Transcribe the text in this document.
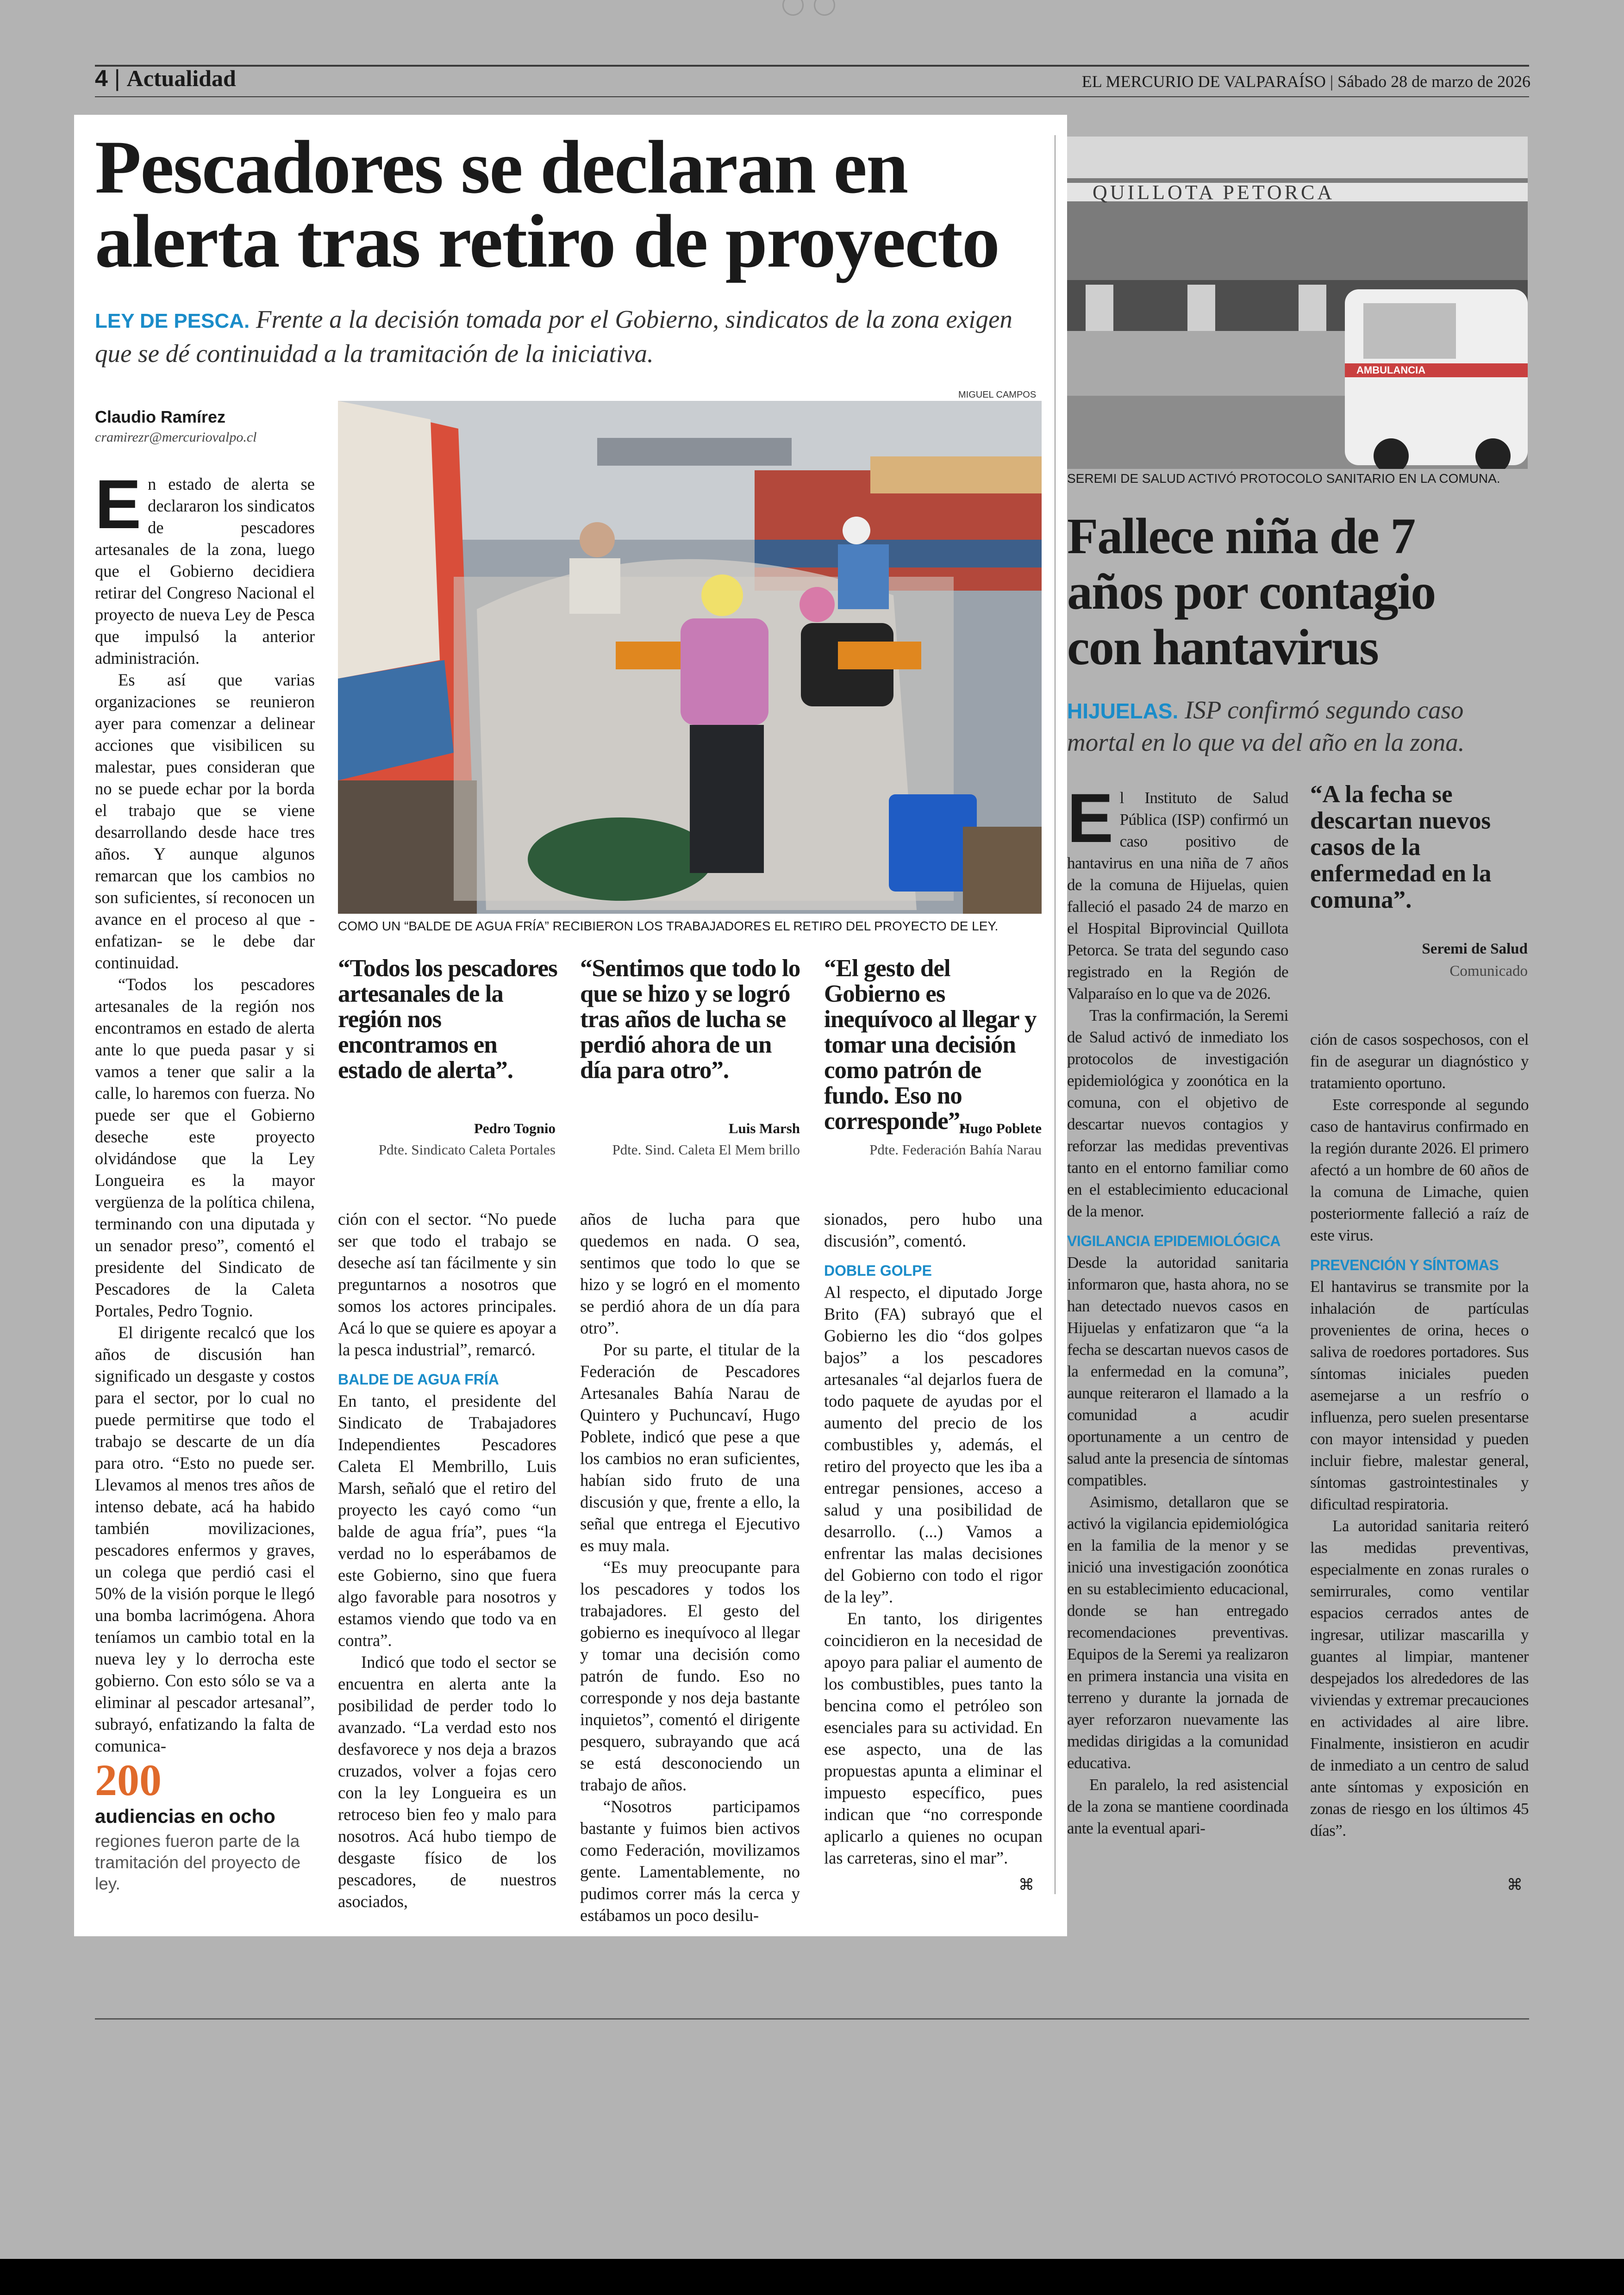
4 | Actualidad	EL MERCURIO DE VALPARAÍSO | Sábado 28 de marzo de 2026
Pescadores se declaran en
alerta tras retiro de proyecto
LEY DE PESCA. Frente a la decisión tomada por el Gobierno, sindicatos de la zona exigen que se dé continuidad a la tramitación de la iniciativa.
Claudio Ramírez
cramirezr@mercuriovalpo.cl

En estado de alerta se declararon los sindicatos de pescadores artesanales de la zona, luego que el Gobierno decidiera retirar del Congreso Nacional el proyecto de nueva Ley de Pesca que impulsó la anterior administración.

Es así que varias organizaciones se reunieron ayer para comenzar a delinear acciones que visibilicen su malestar, pues consideran que no se puede echar por la borda el trabajo que se viene desarrollando desde hace tres años. Y aunque algunos remarcan que los cambios no son suficientes, sí reconocen un avance en el proceso al que -enfatizan- se le debe dar continuidad.

“Todos los pescadores artesanales de la región nos encontramos en estado de alerta ante lo que pueda pasar y si vamos a tener que salir a la calle, lo haremos con fuerza. No puede ser que el Gobierno deseche este proyecto olvidándose que la Ley Longueira es la mayor vergüenza de la política chilena, terminando con una diputada y un senador preso”, comentó el presidente del Sindicato de Pescadores de la Caleta Portales, Pedro Tognio.

El dirigente recalcó que los años de discusión han significado un desgaste y costos para el sector, por lo cual no puede permitirse que todo el trabajo se descarte de un día para otro. “Esto no puede ser. Llevamos al menos tres años de intenso debate, acá ha habido también movilizaciones, pescadores enfermos y graves, un colega que perdió casi el 50% de la visión porque le llegó una bomba lacrimógena. Ahora teníamos un cambio total en la nueva ley y lo derrocha este gobierno. Con esto sólo se va a eliminar al pescador artesanal”, subrayó, enfatizando la falta de comunica-

200
audiencias en ocho
regiones fueron parte de la tramitación del proyecto de ley.
MIGUEL CAMPOS
COMO UN “BALDE DE AGUA FRÍA” RECIBIERON LOS TRABAJADORES EL RETIRO DEL PROYECTO DE LEY.
“Todos los pescadores artesanales de la región nos encontramos en estado de alerta”.
Pedro Tognio
Pdte. Sindicato Caleta Portales
“Sentimos que todo lo que se hizo y se logró tras años de lucha se perdió ahora de un día para otro”.
Luis Marsh
Pdte. Sind. Caleta El Mem brillo
“El gesto del Gobierno es inequívoco al llegar y tomar una decisión como patrón de fundo. Eso no corresponde”.
Hugo Poblete
Pdte. Federación Bahía Narau

ción con el sector. “No puede ser que todo el trabajo se deseche así tan fácilmente y sin preguntarnos a nosotros que somos los actores principales. Acá lo que se quiere es apoyar a la pesca industrial”, remarcó.

BALDE DE AGUA FRÍA

En tanto, el presidente del Sindicato de Trabajadores Independientes Pescadores Caleta El Membrillo, Luis Marsh, señaló que el retiro del proyecto les cayó como “un balde de agua fría”, pues “la verdad no lo esperábamos de este Gobierno, sino que fuera algo favorable para nosotros y estamos viendo que todo va en contra”.

Indicó que todo el sector se encuentra en alerta ante la posibilidad de perder todo lo avanzado. “La verdad esto nos desfavorece y nos deja a brazos cruzados, volver a fojas cero con la ley Longueira es un retroceso bien feo y malo para nosotros. Acá hubo tiempo de desgaste físico de los pescadores, de nuestros asociados,

años de lucha para que quedemos en nada. O sea, sentimos que todo lo que se hizo y se logró en el momento se perdió ahora de un día para otro”.

Por su parte, el titular de la Federación de Pescadores Artesanales Bahía Narau de Quintero y Puchuncaví, Hugo Poblete, indicó que pese a que los cambios no eran suficientes, habían sido fruto de una discusión y que, frente a ello, la señal que entrega el Ejecutivo es muy mala.

“Es muy preocupante para los pescadores y todos los trabajadores. El gesto del gobierno es inequívoco al llegar y tomar una decisión como patrón de fundo. Eso no corresponde y nos deja bastante inquietos”, comentó el dirigente pesquero, subrayando que acá se está desconociendo un trabajo de años.

“Nosotros participamos bastante y fuimos bien activos como Federación, movilizamos gente. Lamentablemente, no pudimos correr más la cerca y estábamos un poco desilu-

sionados, pero hubo una discusión”, comentó.

DOBLE GOLPE

Al respecto, el diputado Jorge Brito (FA) subrayó que el Gobierno les dio “dos golpes bajos” a los pescadores artesanales “al dejarlos fuera de todo paquete de ayudas por el aumento del precio de los combustibles y, además, el retiro del proyecto que les iba a entregar pensiones, acceso a salud y una posibilidad de desarrollo. (...) Vamos a enfrentar las malas decisiones del Gobierno con todo el rigor de la ley”.

En tanto, los dirigentes coincidieron en la necesidad de apoyo para paliar el aumento de los combustibles, pues tanto la bencina como el petróleo son esenciales para su actividad. En ese aspecto, una de las propuestas apunta a eliminar el impuesto específico, pues indican que “no corresponde aplicarlo a quienes no ocupan las carreteras, sino el mar”.

⌘
QUILLOTA PETORCA
AMBULANCIA
SEREMI DE SALUD ACTIVÓ PROTOCOLO SANITARIO EN LA COMUNA.
Fallece niña de 7
años por contagio
con hantavirus
HIJUELAS. ISP confirmó segundo caso mortal en lo que va del año en la zona.

El Instituto de Salud Pública (ISP) confirmó un caso positivo de hantavirus en una niña de 7 años de la comuna de Hijuelas, quien falleció el pasado 24 de marzo en el Hospital Biprovincial Quillota Petorca. Se trata del segundo caso registrado en la Región de Valparaíso en lo que va de 2026.

Tras la confirmación, la Seremi de Salud activó de inmediato los protocolos de investigación epidemiológica y zoonótica en la comuna, con el objetivo de descartar nuevos contagios y reforzar las medidas preventivas tanto en el entorno familiar como en el establecimiento educacional de la menor.

VIGILANCIA EPIDEMIOLÓGICA

Desde la autoridad sanitaria informaron que, hasta ahora, no se han detectado nuevos casos en Hijuelas y enfatizaron que “a la fecha se descartan nuevos casos de la enfermedad en la comuna”, aunque reiteraron el llamado a la comunidad a acudir oportunamente a un centro de salud ante la presencia de síntomas compatibles.

Asimismo, detallaron que se activó la vigilancia epidemiológica en la familia de la menor y se inició una investigación zoonótica en su establecimiento educacional, donde se han entregado recomendaciones preventivas. Equipos de la Seremi ya realizaron en primera instancia una visita en terreno y durante la jornada de ayer reforzaron nuevamente las medidas dirigidas a la comunidad educativa.

En paralelo, la red asistencial de la zona se mantiene coordinada ante la eventual apari-

“A la fecha se descartan nuevos casos de la enfermedad en la comuna”.
Seremi de Salud
Comunicado

ción de casos sospechosos, con el fin de asegurar un diagnóstico y tratamiento oportuno.

Este corresponde al segundo caso de hantavirus confirmado en la región durante 2026. El primero afectó a un hombre de 60 años de la comuna de Limache, quien posteriormente falleció a raíz de este virus.

PREVENCIÓN Y SÍNTOMAS

El hantavirus se transmite por la inhalación de partículas provenientes de orina, heces o saliva de roedores portadores. Sus síntomas iniciales pueden asemejarse a un resfrío o influenza, pero suelen presentarse con mayor intensidad y pueden incluir fiebre, malestar general, síntomas gastrointestinales y dificultad respiratoria.

La autoridad sanitaria reiteró las medidas preventivas, especialmente en zonas rurales o semirrurales, como ventilar espacios cerrados antes de ingresar, utilizar mascarilla y guantes al limpiar, mantener despejados los alrededores de las viviendas y extremar precauciones en actividades al aire libre. Finalmente, insistieron en acudir de inmediato a un centro de salud ante síntomas y exposición en zonas de riesgo en los últimos 45 días”.

⌘
